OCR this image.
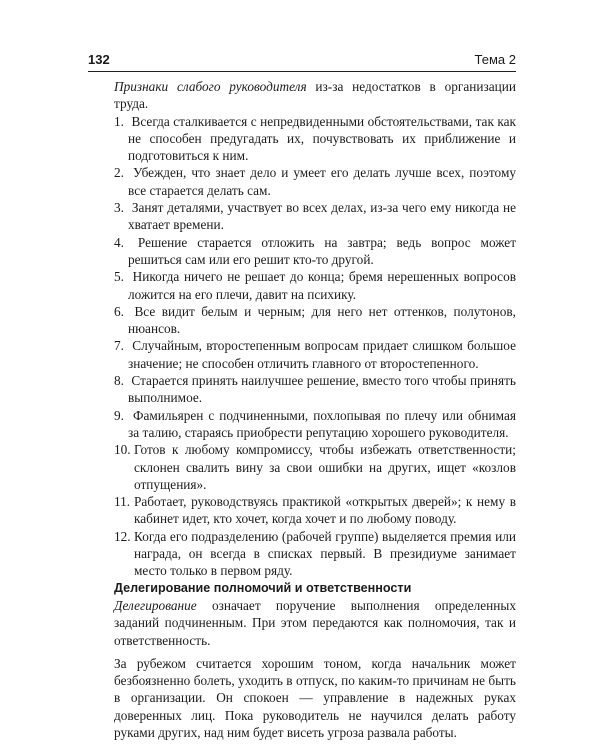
132	Тема 2

Признаки слабого руководителя из-за недостатков в организации труда.

1. Всегда сталкивается с непредвиденными обстоятельствами, так как не способен предугадать их, почувствовать их приближение и подготовиться к ним.
2. Убежден, что знает дело и умеет его делать лучше всех, поэтому все старается делать сам.
3. Занят деталями, участвует во всех делах, из-за чего ему никогда не хватает времени.
4. Решение старается отложить на завтра; ведь вопрос может решиться сам или его решит кто-то другой.
5. Никогда ничего не решает до конца; бремя нерешенных вопросов ложится на его плечи, давит на психику.
6. Все видит белым и черным; для него нет оттенков, полутонов, нюансов.
7. Случайным, второстепенным вопросам придает слишком большое значение; не способен отличить главного от второстепенного.
8. Старается принять наилучшее решение, вместо того чтобы принять выполнимое.
9. Фамильярен с подчиненными, похлопывая по плечу или обнимая за талию, стараясь приобрести репутацию хорошего руководителя.
10. Готов к любому компромиссу, чтобы избежать ответственности; склонен свалить вину за свои ошибки на других, ищет «козлов отпущения».
11. Работает, руководствуясь практикой «открытых дверей»; к нему в кабинет идет, кто хочет, когда хочет и по любому поводу.
12. Когда его подразделению (рабочей группе) выделяется премия или награда, он всегда в списках первый. В президиуме занимает место только в первом ряду.

Делегирование полномочий и ответственности

Делегирование означает поручение выполнения определенных заданий подчиненным. При этом передаются как полномочия, так и ответственность.

За рубежом считается хорошим тоном, когда начальник может безбоязненно болеть, уходить в отпуск, по каким-то причинам не быть в организации. Он спокоен — управление в надежных руках доверенных лиц. Пока руководитель не научился делать работу руками других, над ним будет висеть угроза развала работы.
